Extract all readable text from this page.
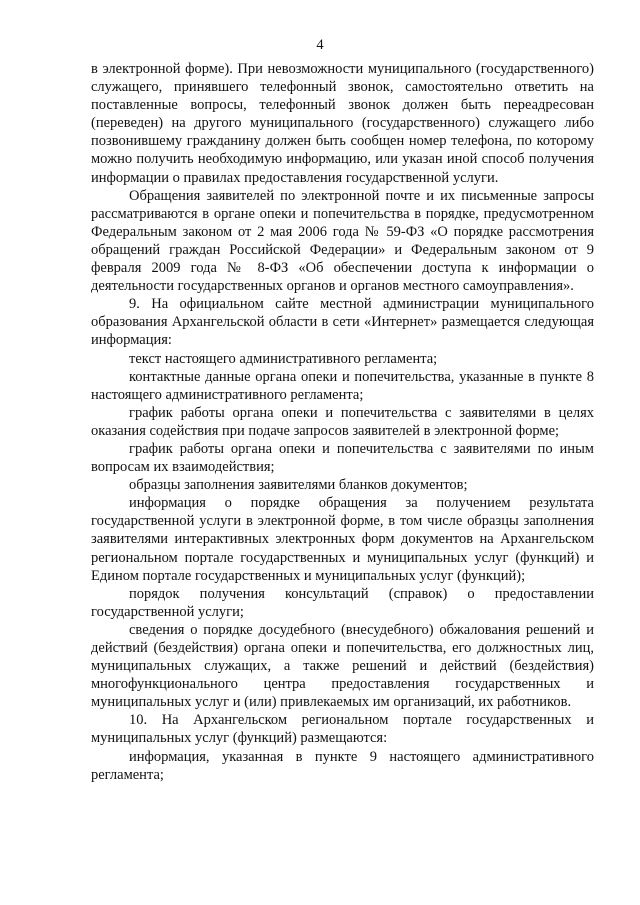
4

в электронной форме). При невозможности муниципального (государственного) служащего, принявшего телефонный звонок, самостоятельно ответить на поставленные вопросы, телефонный звонок должен быть переадресован (переведен) на другого муниципального (государственного) служащего либо позвонившему гражданину должен быть сообщен номер телефона, по которому можно получить необходимую информацию, или указан иной способ получения информации о правилах предоставления государственной услуги.

Обращения заявителей по электронной почте и их письменные запросы рассматриваются в органе опеки и попечительства в порядке, предусмотренном Федеральным законом от 2 мая 2006 года № 59-ФЗ «О порядке рассмотрения обращений граждан Российской Федерации» и Федеральным законом от 9 февраля 2009 года № 8-ФЗ «Об обеспечении доступа к информации о деятельности государственных органов и органов местного самоуправления».

9. На официальном сайте местной администрации муниципального образования Архангельской области в сети «Интернет» размещается следующая информация:

текст настоящего административного регламента;

контактные данные органа опеки и попечительства, указанные в пункте 8 настоящего административного регламента;

график работы органа опеки и попечительства с заявителями в целях оказания содействия при подаче запросов заявителей в электронной форме;

график работы органа опеки и попечительства с заявителями по иным вопросам их взаимодействия;

образцы заполнения заявителями бланков документов;

информация о порядке обращения за получением результата государственной услуги в электронной форме, в том числе образцы заполнения заявителями интерактивных электронных форм документов на Архангельском региональном портале государственных и муниципальных услуг (функций) и Едином портале государственных и муниципальных услуг (функций);

порядок получения консультаций (справок) о предоставлении государственной услуги;

сведения о порядке досудебного (внесудебного) обжалования решений и действий (бездействия) органа опеки и попечительства, его должностных лиц, муниципальных служащих, а также решений и действий (бездействия) многофункционального центра предоставления государственных и муниципальных услуг и (или) привлекаемых им организаций, их работников.

10. На Архангельском региональном портале государственных и муниципальных услуг (функций) размещаются:

информация, указанная в пункте 9 настоящего административного регламента;
